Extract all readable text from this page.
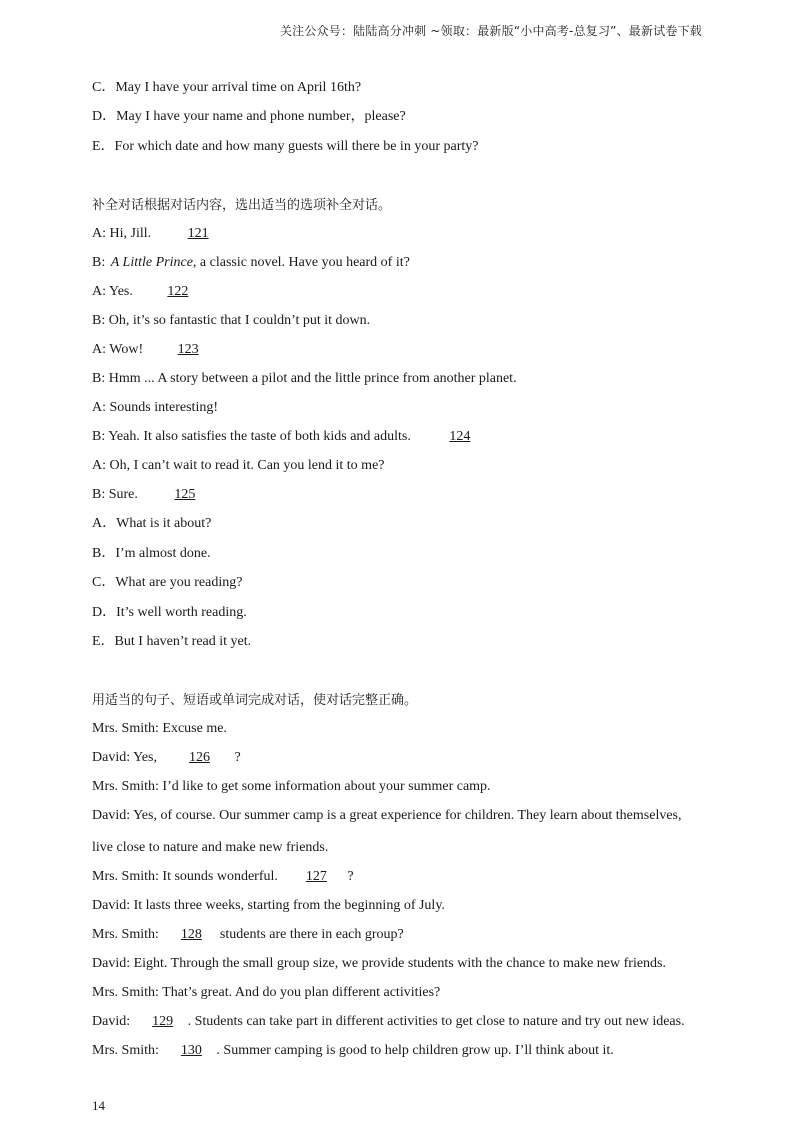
关注公众号：陆陆高分冲刺 ~领取：最新版“小中高考-总复习”、最新试卷下载
C．May I have your arrival time on April 16th?
D．May I have your name and phone number，please?
E．For which date and how many guests will there be in your party?
补全对话根据对话内容，选出适当的选项补全对话。
A: Hi, Jill.	121
B: A Little Prince, a classic novel. Have you heard of it?
A: Yes. 122
B: Oh, it’s so fantastic that I couldn’t put it down.
A: Wow! 123
B: Hmm ... A story between a pilot and the little prince from another planet.
A: Sounds interesting!
B: Yeah. It also satisfies the taste of both kids and adults.	124
A: Oh, I can’t wait to read it. Can you lend it to me?
B: Sure.	125
A．What is it about?
B．I’m almost done.
C．What are you reading?
D．It’s well worth reading.
E．But I haven’t read it yet.
用适当的句子、短语或单词完成对话，使对话完整正确。
Mrs. Smith: Excuse me.
David: Yes, 126 ?
Mrs. Smith: I’d like to get some information about your summer camp.
David: Yes, of course. Our summer camp is a great experience for children. They learn about themselves,
live close to nature and make new friends.
Mrs. Smith: It sounds wonderful. 127 ?
David: It lasts three weeks, starting from the beginning of July.
Mrs. Smith: 128 students are there in each group?
David: Eight. Through the small group size, we provide students with the chance to make new friends.
Mrs. Smith: That’s great. And do you plan different activities?
David: 129 . Students can take part in different activities to get close to nature and try out new ideas.
Mrs. Smith: 130 . Summer camping is good to help children grow up. I’ll think about it.
14
